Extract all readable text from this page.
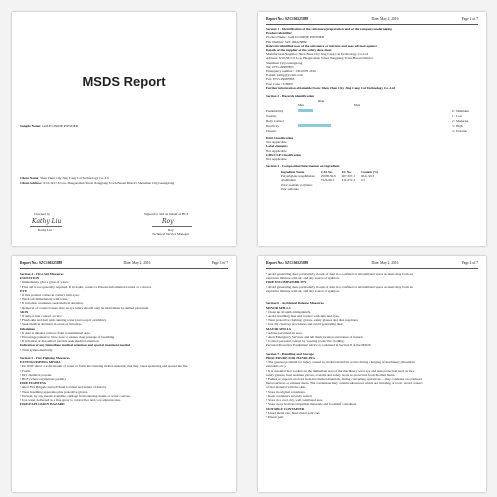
MSDS Report
Sample Name: GOLD OXIDE POWDER
Client Name: Shen Zhen City Jing Cang Cai Technology Co.,Ltd
Client Address: 6/10,3#17,6 Lou, Huaguoshan Street Jiangjiang Town,Baoan District,Shenzhen City,Guangdong
Checked by
Kathy Liu
Kathy Liu
Signed for and on behalf of BCT
Roy
Roy
Technical Service Manager
Report No.: SZC160225889	Date: May 2, 2016	Page 2 of 7
Section 1 - Identification of the substance/preparation and of the company/undertaking
Product identifier
Product Name : GOLD OXIDE POWDER
File Number: SZC160225889
Relevant identified uses of the substance or mixture and uses advised against
Details of the supplier of the safety data sheet
Manufacturer/Supplier: Shen Zhen City Jing Cang Cai Technology Co.,Ltd
Address: 6/10,3#17,6 Lou, Huaguoshan Street Jiangjiang Town,Baoan District,
Shenzhen City,Guangdong
Tel: 0755-29987863
Emergency number : 130-0978 2016
E-mail: kathy@jccnm.com
Fax: 0755-29987863
Post Code : 518000
Further information obtainable from: Shen Zhen City Jing Cang Cai Technology Co.,Ltd
Section 2 - Hazards identification
Risk
Min	Max
Flammability	0 : Minimum
Toxicity	1 : Low
Body Contact	2 : Moderate
Reactivity	3 : High
Chronic	4 : Extreme
DSD Classification
Not Applicable
Label elements
Not Applicable
GHS/CLP Classification
Not Applicable
Section 3 - Composition/Information on Ingredient
Ingredient Name	CAS No.	EC No.	Content (%)
Polyethylene terephthalate	25038-59-9	607-507-1	96.6- 96.5
Aluminium	7429-90-5	231-072-3	0.5
Polar aromatic polymers			
Zinc sulfonite			
Report No.: SZC160225889	Date: May 2, 2016	Page 3 of 7
Section 4 - First Aid Measures
INGESTION
• Immediately give a glass of water.
• First aid is not generally required. If in doubt, contact a Poisons Information Centre or a doctor.
EYE
• If this product comes in contact with eyes:
• Wash out immediately with water.
• If irritation continues, seek medical attention.
• Removal of contact lenses after an eye injury should only be undertaken by skilled personnel.
SKIN
• If skin or hair contact occurs:
• Flush skin and hair with running water (and soap if available).
• Seek medical attention in event of irritation.
Inhalation
• If dust is inhaled, remove from contaminated area.
• Encourage patient to blow nose to ensure clear passage of breathing.
• If irritation or discomfort persists seek medical attention.
Indication of any immediate medical attention and special treatment needed
• Treat symptomatically.

Section 5 - Fire Fighting Measures
EXTINGUISHING MEDIA
• Do NOT direct a solid stream of water or foam into burning molten material; this may cause spattering and spread the fire.
• Foam.
• Dry chemical powder.
• BCF (where regulations permit).
FIRE FIGHTING
• Alert Fire Brigade and tell them location and nature of hazard.
• Wear breathing apparatus plus protective gloves.
• Prevent, by any means available, spillage from entering drains or water courses.
• Use water delivered as a fine spray to control fire and cool adjacent area.
FIRE/EXPLOSION HAZARD
Report No.: SZC160225889	Date: May 2, 2016	Page 4 of 7
• Avoid generating dust, particularly clouds of dust in a confined or unventilated space as dusts may form an
explosive mixture with air, and any source of ignition.
FIRE INCOMPATIBILITY
• Avoid generating dust, particularly clouds of dust in a confined or unventilated space as dusts may form an
explosive mixture with air, and any source of ignition.

Section 6 - Accidental Release Measures
MINOR SPILLS
• Clean up all spills immediately.
• Avoid breathing dust and contact with skin and eyes.
• Wear protective clothing, gloves, safety glasses and dust respirator.
• Use dry clean up procedures and avoid generating dust.
MAJOR SPILLS
• Advise personnel in area.
• Alert Emergency Services and tell them location and nature of hazard.
• Control personal contact by wearing protective clothing.
Personal Protective Equipment advice is contained in Section 8 of the MSDS.

Section 7 - Handling and Storage
PROCEDURE FOR HANDLING
• The greatest potential for injury caused by molten materials occurs during charging of machinery (moulders,
extruders etc.).
• It is essential that workers in the immediate area of the machinery wear eye and skin protection such as face
safety glasses, heat resistant gloves, overalls and safety boots as protection from thermal burns.
• Fumes or vapours evolved from hot melted materials, during converting operations, ...may condense on overhead
metal surfaces or exhaust ducts. The condensate may contain substances which are irritating or toxic. Avoid contact
of that material with the skin.
• Store in original containers.
• Keep containers securely sealed.
• Store in a cool, dry, well-ventilated area.
• Store away from incompatible materials and foodstuff containers.
SUITABLE CONTAINER
• Lined metal can, lined metal pail/ can.
• Plastic pail.
